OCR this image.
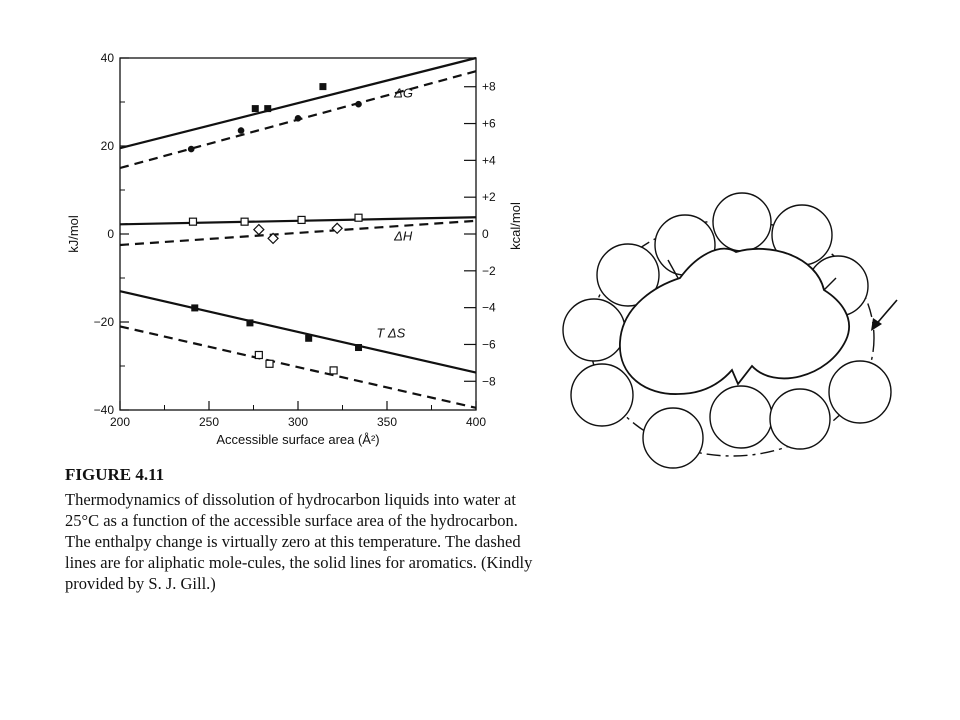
200	250	300	350	400
40
20
0
−20
−40
+8
+6
+4
+2
0
−2
−4
−6
−8
ΔG
ΔH
T ΔS
Accessible surface area (Å²)
kJ/mol	kcal/mol
FIGURE 4.11
Thermodynamics of dissolution of hydrocarbon liquids into water at 25°C as a function of the accessible surface area of the hydrocarbon. The enthalpy change is virtually zero at this temperature. The dashed lines are for aliphatic mole-cules, the solid lines for aromatics. (Kindly provided by S. J. Gill.)
